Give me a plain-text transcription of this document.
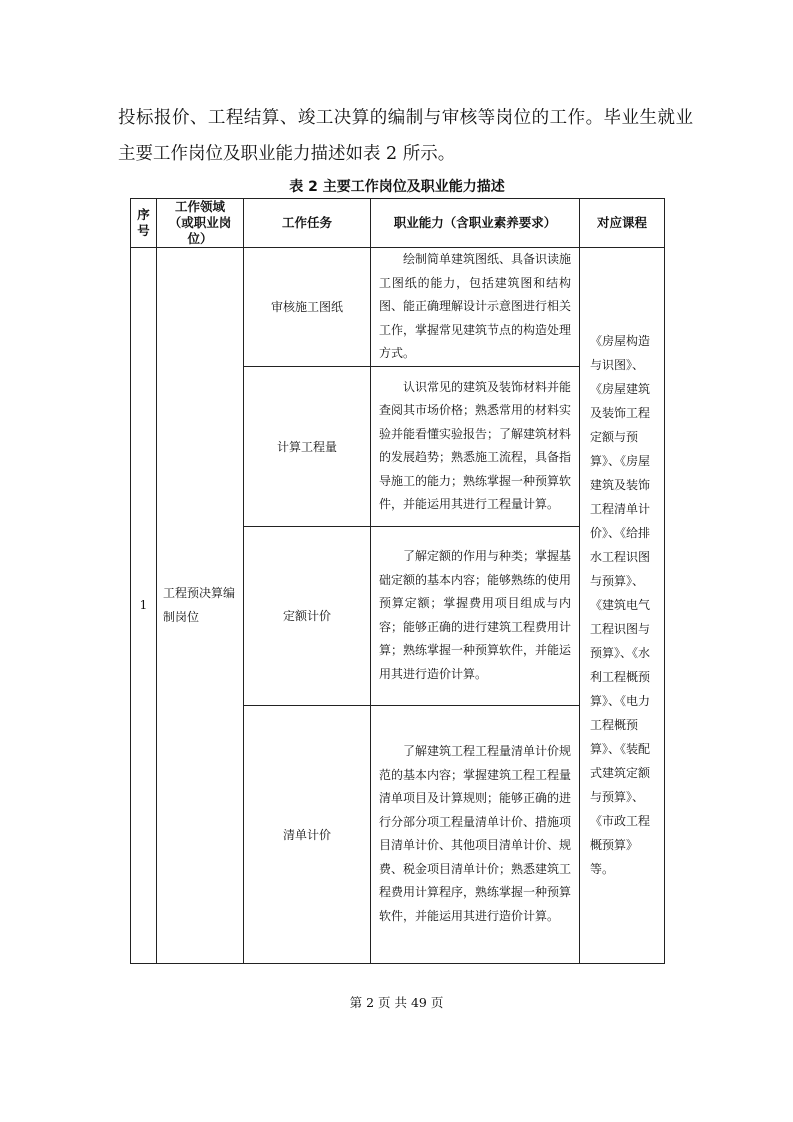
投标报价、工程结算、竣工决算的编制与审核等岗位的工作。毕业生就业主要工作岗位及职业能力描述如表 2 所示。

表 2 主要工作岗位及职业能力描述
序号	工作领域（或职业岗位）	工作任务	职业能力（含职业素养要求）	对应课程
1	工程预决算编制岗位	审核施工图纸	绘制简单建筑图纸、具备识读施工图纸的能力，包括建筑图和结构图、能正确理解设计示意图进行相关工作，掌握常见建筑节点的构造处理方式。	《房屋构造与识图》、《房屋建筑及装饰工程定额与预算》、《房屋建筑及装饰工程清单计价》、《给排水工程识图与预算》、《建筑电气工程识图与预算》、《水利工程概预算》、《电力工程概预算》、《装配式建筑定额与预算》、《市政工程概预算》等。
		计算工程量	认识常见的建筑及装饰材料并能查阅其市场价格；熟悉常用的材料实验并能看懂实验报告；了解建筑材料的发展趋势；熟悉施工流程，具备指导施工的能力；熟练掌握一种预算软件，并能运用其进行工程量计算。	

		定额计价	了解定额的作用与种类；掌握基础定额的基本内容；能够熟练的使用预算定额；掌握费用项目组成与内容；能够正确的进行建筑工程费用计算；熟练掌握一种预算软件，并能运用其进行造价计算。	

		清单计价	了解建筑工程工程量清单计价规范的基本内容；掌握建筑工程工程量清单项目及计算规则；能够正确的进行分部分项工程量清单计价、措施项目清单计价、其他项目清单计价、规费、税金项目清单计价；熟悉建筑工程费用计算程序，熟练掌握一种预算软件，并能运用其进行造价计算。	

第 2 页 共 49 页
